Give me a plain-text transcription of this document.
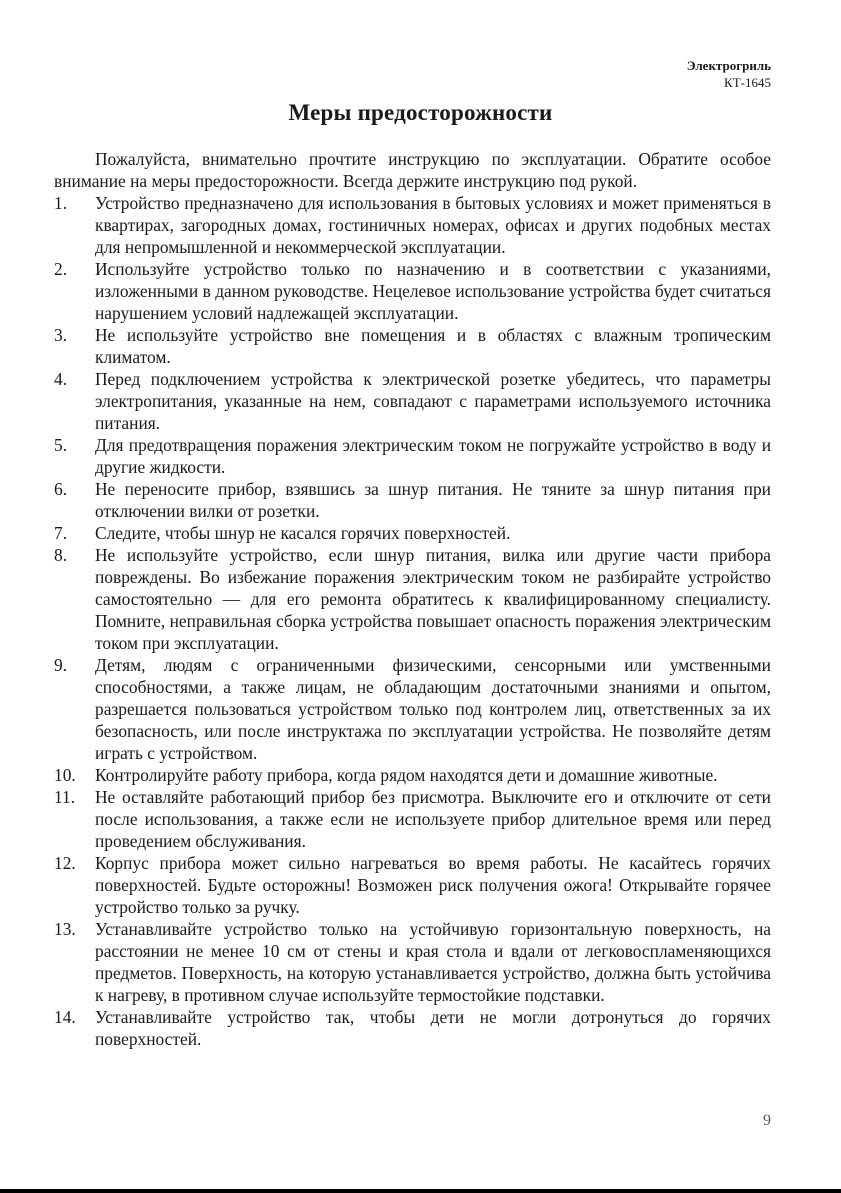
Электрогриль
КТ-1645
Меры предосторожности

Пожалуйста, внимательно прочтите инструкцию по эксплуатации. Обратите особое внимание на меры предосторожности. Всегда держите инструкцию под рукой.

1. Устройство предназначено для использования в бытовых условиях и может применяться в квартирах, загородных домах, гостиничных номерах, офисах и других подобных местах для непромышленной и некоммерческой эксплуатации.
2. Используйте устройство только по назначению и в соответствии с указаниями, изложенными в данном руководстве. Нецелевое использование устройства будет считаться нарушением условий надлежащей эксплуатации.
3. Не используйте устройство вне помещения и в областях с влажным тропическим климатом.
4. Перед подключением устройства к электрической розетке убедитесь, что параметры электропитания, указанные на нем, совпадают с параметрами используемого источника питания.
5. Для предотвращения поражения электрическим током не погружайте устройство в воду и другие жидкости.
6. Не переносите прибор, взявшись за шнур питания. Не тяните за шнур питания при отключении вилки от розетки.
7. Следите, чтобы шнур не касался горячих поверхностей.
8. Не используйте устройство, если шнур питания, вилка или другие части прибора повреждены. Во избежание поражения электрическим током не разбирайте устройство самостоятельно — для его ремонта обратитесь к квалифицированному специалисту. Помните, неправильная сборка устройства повышает опасность поражения электрическим током при эксплуатации.
9. Детям, людям с ограниченными физическими, сенсорными или умственными способностями, а также лицам, не обладающим достаточными знаниями и опытом, разрешается пользоваться устройством только под контролем лиц, ответственных за их безопасность, или после инструктажа по эксплуатации устройства. Не позволяйте детям играть с устройством.
10. Контролируйте работу прибора, когда рядом находятся дети и домашние животные.
11. Не оставляйте работающий прибор без присмотра. Выключите его и отключите от сети после использования, а также если не используете прибор длительное время или перед проведением обслуживания.
12. Корпус прибора может сильно нагреваться во время работы. Не касайтесь горячих поверхностей. Будьте осторожны! Возможен риск получения ожога! Открывайте горячее устройство только за ручку.
13. Устанавливайте устройство только на устойчивую горизонтальную поверхность, на расстоянии не менее 10 см от стены и края стола и вдали от легковоспламеняющихся предметов. Поверхность, на которую устанавливается устройство, должна быть устойчива к нагреву, в противном случае используйте термостойкие подставки.
14. Устанавливайте устройство так, чтобы дети не могли дотронуться до горячих поверхностей.
9
